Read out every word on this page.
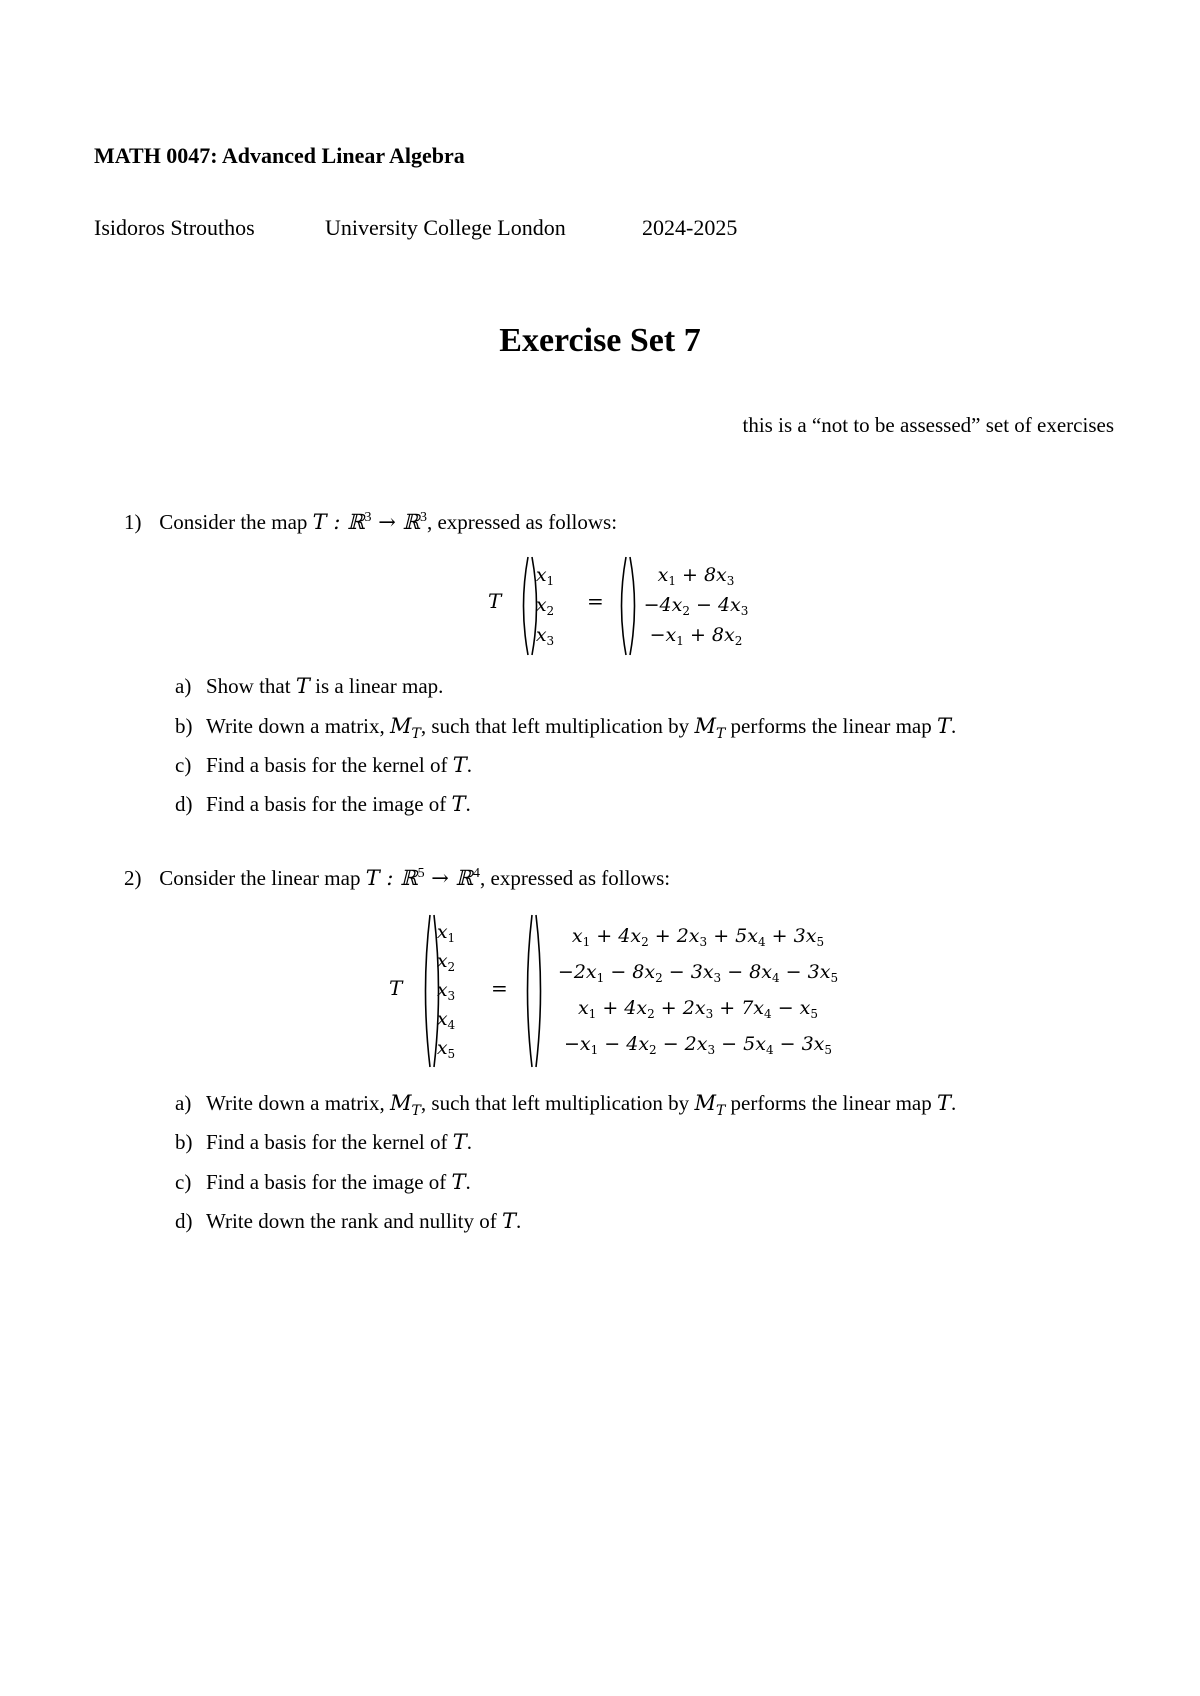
MATH 0047: Advanced Linear Algebra
Isidoros Strouthos	University College London	2024-2025
Exercise Set 7
this is a “not to be assessed” set of exercises
1) Consider the map T : ℝ$^3$ → ℝ$^3$, expressed as follows:
T
$x_1$
$x_2$
$x_3$
=
$x_1 + 8x_3$
$-4x_2 - 4x_3$
$-x_1 + 8x_2$
a) Show that T is a linear map.
b) Write down a matrix, $M_T$, such that left multiplication by $M_T$ performs the linear map T.
c) Find a basis for the kernel of T.
d) Find a basis for the image of T.
2) Consider the linear map T : ℝ$^5$ → ℝ$^4$, expressed as follows:
T
$x_1$
$x_2$
$x_3$
$x_4$
$x_5$
=
$x_1 + 4x_2 + 2x_3 + 5x_4 + 3x_5$
$-2x_1 - 8x_2 - 3x_3 - 8x_4 - 3x_5$
$x_1 + 4x_2 + 2x_3 + 7x_4 - x_5$
$-x_1 - 4x_2 - 2x_3 - 5x_4 - 3x_5$
a) Write down a matrix, $M_T$, such that left multiplication by $M_T$ performs the linear map T.
b) Find a basis for the kernel of T.
c) Find a basis for the image of T.
d) Write down the rank and nullity of T.
